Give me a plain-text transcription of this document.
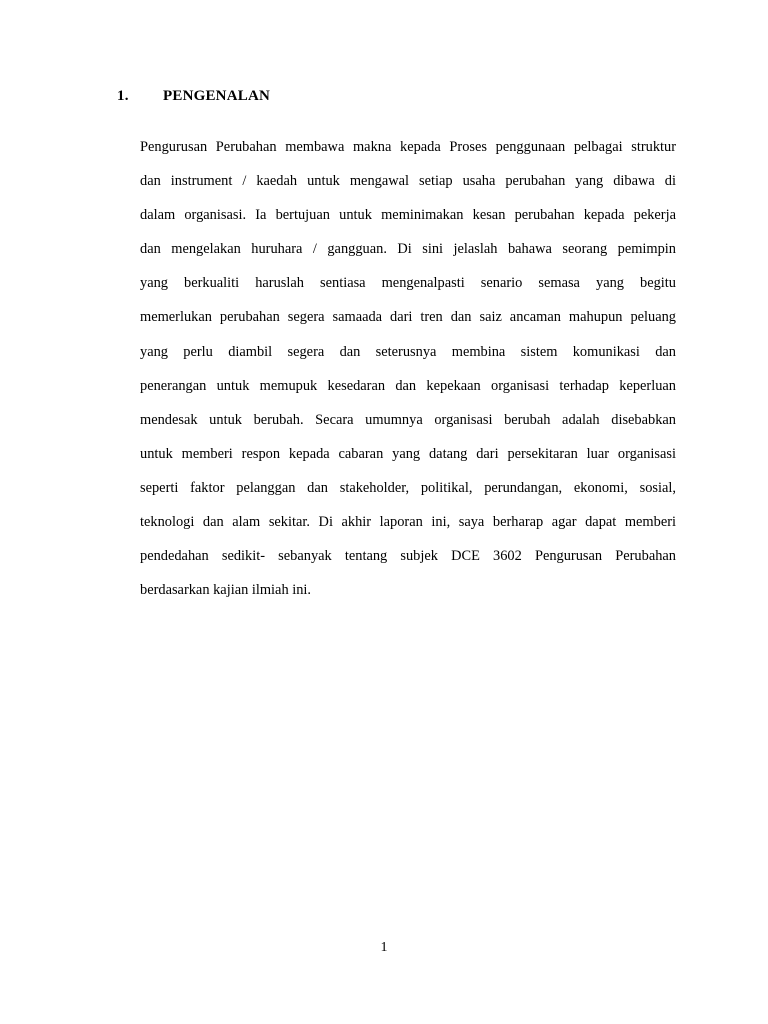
1. PENGENALAN

Pengurusan Perubahan membawa makna kepada Proses penggunaan pelbagai struktur
dan instrument / kaedah untuk mengawal setiap usaha perubahan yang dibawa di
dalam organisasi. Ia bertujuan untuk meminimakan kesan perubahan kepada pekerja
dan mengelakan huruhara / gangguan. Di sini jelaslah bahawa seorang pemimpin
yang berkualiti haruslah sentiasa mengenalpasti senario semasa yang begitu
memerlukan perubahan segera samaada dari tren dan saiz ancaman mahupun peluang
yang perlu diambil segera dan seterusnya membina sistem komunikasi dan
penerangan untuk memupuk kesedaran dan kepekaan organisasi terhadap keperluan
mendesak untuk berubah. Secara umumnya organisasi berubah adalah disebabkan
untuk memberi respon kepada cabaran yang datang dari persekitaran luar organisasi
seperti faktor pelanggan dan stakeholder, politikal, perundangan, ekonomi, sosial,
teknologi dan alam sekitar. Di akhir laporan ini, saya berharap agar dapat memberi
pendedahan sedikit- sebanyak tentang subjek DCE 3602 Pengurusan Perubahan
berdasarkan kajian ilmiah ini.

1
